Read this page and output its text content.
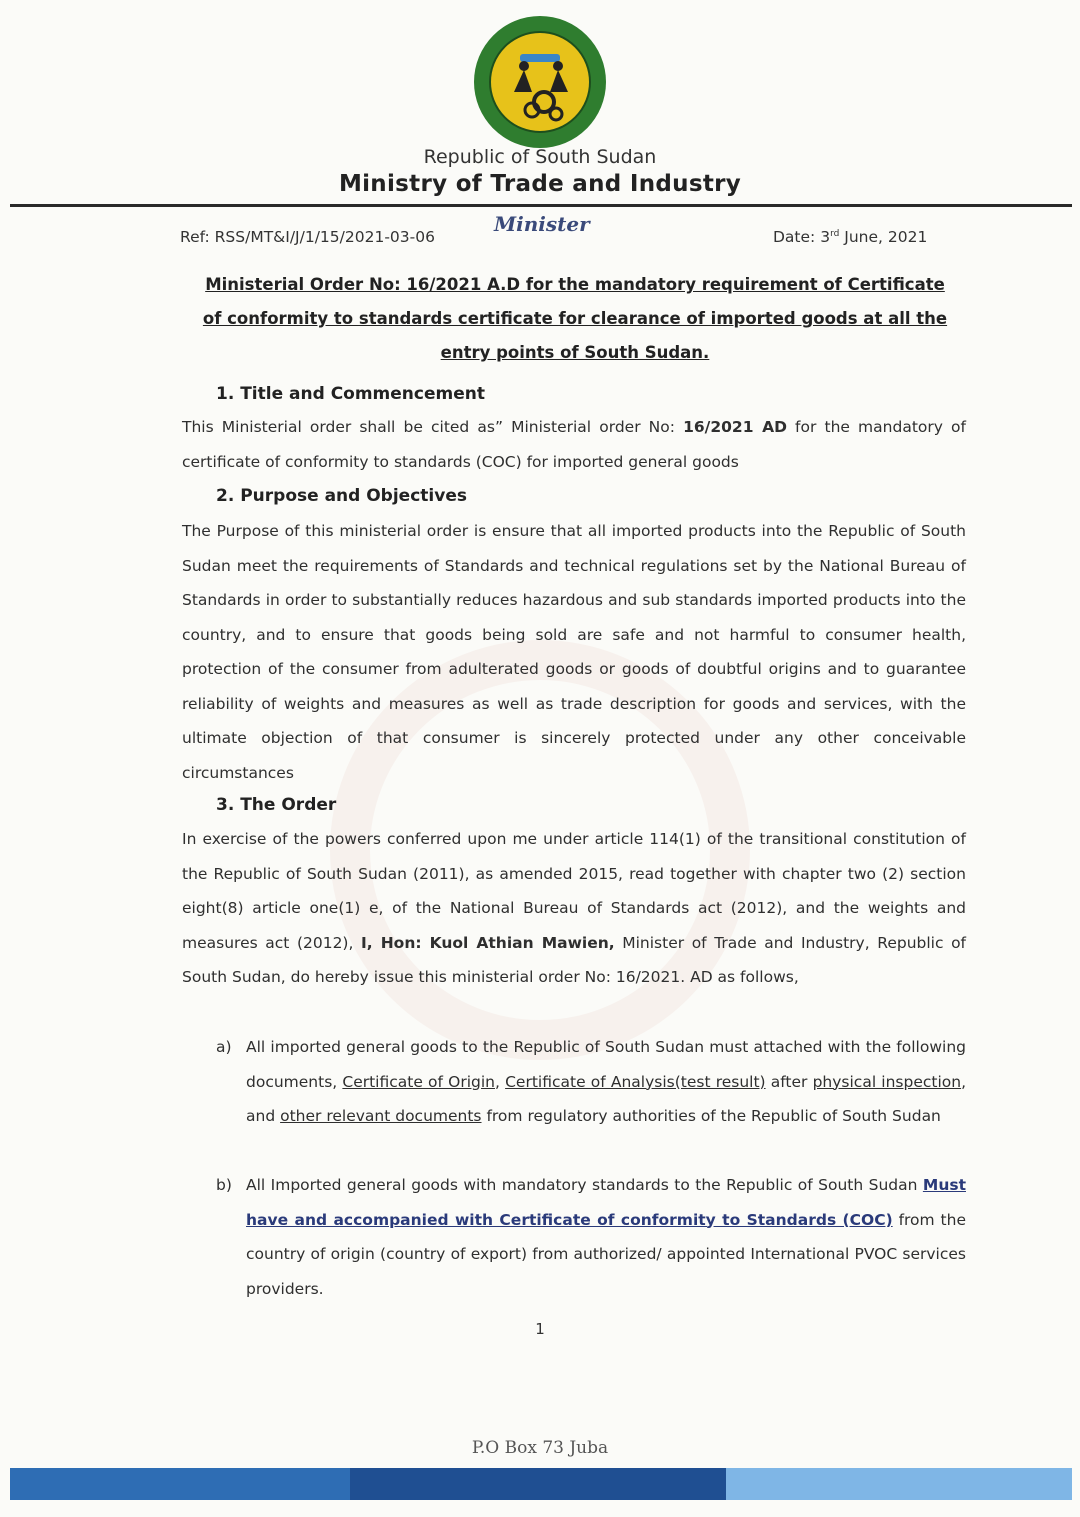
Republic of South Sudan
Ministry of Trade and Industry
Ref: RSS/MT&I/J/1/15/2021-03-06
Minister
Date: 3rd June, 2021
Ministerial Order No: 16/2021 A.D for the mandatory requirement of Certificate
of conformity to standards certificate for clearance of imported goods at all the
entry points of South Sudan.
1. Title and Commencement
This Ministerial order shall be cited as” Ministerial order No: 16/2021 AD for the mandatory of certificate of conformity to standards (COC) for imported general goods
2. Purpose and Objectives
The Purpose of this ministerial order is ensure that all imported products into the Republic of South Sudan meet the requirements of Standards and technical regulations set by the National Bureau of Standards in order to substantially reduces hazardous and sub standards imported products into the country, and to ensure that goods being sold are safe and not harmful to consumer health, protection of the consumer from adulterated goods or goods of doubtful origins and to guarantee reliability of weights and measures as well as trade description for goods and services, with the ultimate objection of that consumer is sincerely protected under any other conceivable circumstances
3. The Order
In exercise of the powers conferred upon me under article 114(1) of the transitional constitution of the Republic of South Sudan (2011), as amended 2015, read together with chapter two (2) section eight(8) article one(1) e, of the National Bureau of Standards act (2012), and the weights and measures act (2012), I, Hon: Kuol Athian Mawien, Minister of Trade and Industry, Republic of South Sudan, do hereby issue this ministerial order No: 16/2021. AD as follows,
a) All imported general goods to the Republic of South Sudan must attached with the following documents, Certificate of Origin, Certificate of Analysis(test result) after physical inspection, and other relevant documents from regulatory authorities of the Republic of South Sudan
b) All Imported general goods with mandatory standards to the Republic of South Sudan Must have and accompanied with Certificate of conformity to Standards (COC) from the country of origin (country of export) from authorized/ appointed International PVOC services providers.
1
P.O Box 73 Juba
